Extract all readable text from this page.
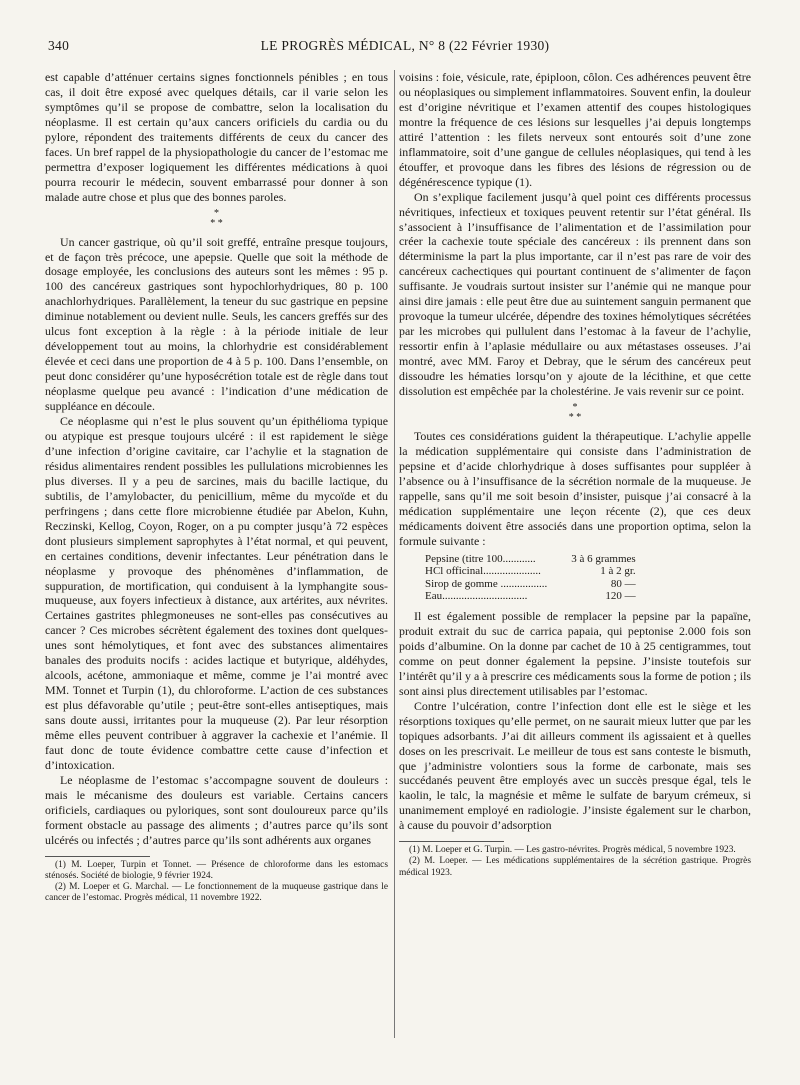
340	LE PROGRÈS MÉDICAL, N° 8 (22 Février 1930)

est capable d’atténuer certains signes fonctionnels pénibles ; en tous cas, il doit être exposé avec quelques détails, car il varie selon les symptômes qu’il se propose de combattre, selon la localisation du néoplasme. Il est certain qu’aux cancers orificiels du cardia ou du pylore, répondent des traitements différents de ceux du cancer des faces. Un bref rappel de la physiopathologie du cancer de l’estomac me permettra d’exposer logiquement les différentes médications à quoi pourra recourir le médecin, souvent embarrassé pour donner à son malade autre chose et plus que des bonnes paroles.

*
* *

Un cancer gastrique, où qu’il soit greffé, entraîne presque toujours, et de façon très précoce, une apepsie. Quelle que soit la méthode de dosage employée, les conclusions des auteurs sont les mêmes : 95 p. 100 des cancéreux gastriques sont hypochlorhydriques, 80 p. 100 anachlorhydriques. Parallèlement, la teneur du suc gastrique en pepsine diminue notablement ou devient nulle. Seuls, les cancers greffés sur des ulcus font exception à la règle : à la période initiale de leur développement tout au moins, la chlorhydrie est considérablement élevée et ceci dans une proportion de 4 à 5 p. 100. Dans l’ensemble, on peut donc considérer qu’une hyposécrétion totale est de règle dans tout néoplasme quelque peu avancé : l’indication d’une médication de suppléance en découle.

Ce néoplasme qui n’est le plus souvent qu’un épithélioma typique ou atypique est presque toujours ulcéré : il est rapidement le siège d’une infection d’origine cavitaire, car l’achylie et la stagnation de résidus alimentaires rendent possibles les pullulations microbiennes les plus diverses. Il y a peu de sarcines, mais du bacille lactique, du subtilis, de l’amylobacter, du penicillium, même du mycoïde et du perfringens ; dans cette flore microbienne étudiée par Abelon, Kuhn, Reczinski, Kellog, Coyon, Roger, on a pu compter jusqu’à 72 espèces dont plusieurs simplement saprophytes à l’état normal, et qui peuvent, en certaines conditions, devenir infectantes. Leur pénétration dans le néoplasme y provoque des phénomènes d’inflammation, de suppuration, de mortification, qui conduisent à la lymphangite sous-muqueuse, aux foyers infectieux à distance, aux artérites, aux névrites. Certaines gastrites phlegmoneuses ne sont-elles pas consécutives au cancer ? Ces microbes sécrètent également des toxines dont quelques-unes sont hémolytiques, et font avec des substances alimentaires banales des produits nocifs : acides lactique et butyrique, aldéhydes, alcools, acétone, ammoniaque et même, comme je l’ai montré avec MM. Tonnet et Turpin (1), du chloroforme. L’action de ces substances est plus défavorable qu’utile ; peut-être sont-elles antiseptiques, mais sans doute aussi, irritantes pour la muqueuse (2). Par leur résorption même elles peuvent contribuer à aggraver la cachexie et l’anémie. Il faut donc de toute évidence combattre cette cause d’infection et d’intoxication.

Le néoplasme de l’estomac s’accompagne souvent de douleurs : mais le mécanisme des douleurs est variable. Certains cancers orificiels, cardiaques ou pyloriques, sont sont douloureux parce qu’ils forment obstacle au passage des aliments ; d’autres parce qu’ils sont ulcérés ou infectés ; d’autres parce qu’ils sont adhérents aux organes

(1) M. Loeper, Turpin et Tonnet. — Présence de chloroforme dans les estomacs sténosés. Société de biologie, 9 février 1924.

(2) M. Loeper et G. Marchal. — Le fonctionnement de la muqueuse gastrique dans le cancer de l’estomac. Progrès médical, 11 novembre 1922.

voisins : foie, vésicule, rate, épiploon, côlon. Ces adhérences peuvent être ou néoplasiques ou simplement inflammatoires. Souvent enfin, la douleur est d’origine névritique et l’examen attentif des coupes histologiques montre la fréquence de ces lésions sur lesquelles j’ai depuis longtemps attiré l’attention : les filets nerveux sont entourés soit d’une zone inflammatoire, soit d’une gangue de cellules néoplasiques, qui tend à les étouffer, et provoque dans les fibres des lésions de régression ou de dégénérescence typique (1).

On s’explique facilement jusqu’à quel point ces différents processus névritiques, infectieux et toxiques peuvent retentir sur l’état général. Ils s’associent à l’insuffisance de l’alimentation et de l’assimilation pour créer la cachexie toute spéciale des cancéreux : ils prennent dans son déterminisme la part la plus importante, car il n’est pas rare de voir des cancéreux cachectiques qui pourtant continuent de s’alimenter de façon suffisante. Je voudrais surtout insister sur l’anémie qui ne manque pour ainsi dire jamais : elle peut être due au suintement sanguin permanent que provoque la tumeur ulcérée, dépendre des toxines hémolytiques sécrétées par les microbes qui pullulent dans l’estomac à la faveur de l’achylie, ressortir enfin à l’aplasie médullaire ou aux métastases osseuses. J’ai montré, avec MM. Faroy et Debray, que le sérum des cancéreux peut dissoudre les hématies lorsqu’on y ajoute de la lécithine, et que cette dissolution est empêchée par la cholestérine. Je vais revenir sur ce point.

*
* *

Toutes ces considérations guident la thérapeutique. L’achylie appelle la médication supplémentaire qui consiste dans l’administration de pepsine et d’acide chlorhydrique à doses suffisantes pour suppléer à l’absence ou à l’insuffisance de la sécrétion normale de la muqueuse. Je rappelle, sans qu’il me soit besoin d’insister, puisque j’ai consacré à la médication supplémentaire une leçon récente (2), que ces deux médicaments doivent être associés dans une proportion optima, selon la formule suivante :

Pepsine (titre 100............	3 à 6 grammes
HCl officinal.....................	1 à 2 gr.
Sirop de gomme .................	80 —
Eau...............................	120 —

Il est également possible de remplacer la pepsine par la papaïne, produit extrait du suc de carrica papaia, qui peptonise 2.000 fois son poids d’albumine. On la donne par cachet de 10 à 25 centigrammes, tout comme on peut donner également la pepsine. J’insiste toutefois sur l’intérêt qu’il y a à prescrire ces médicaments sous la forme de potion ; ils sont ainsi plus directement utilisables par l’estomac.

Contre l’ulcération, contre l’infection dont elle est le siège et les résorptions toxiques qu’elle permet, on ne saurait mieux lutter que par les topiques adsorbants. J’ai dit ailleurs comment ils agissaient et à quelles doses on les prescrivait. Le meilleur de tous est sans conteste le bismuth, que j’administre volontiers sous la forme de carbonate, mais ses succédanés peuvent être employés avec un succès presque égal, tels le kaolin, le talc, la magnésie et même le sulfate de baryum crémeux, si unanimement employé en radiologie. J’insiste également sur le charbon, à cause du pouvoir d’adsorption

(1) M. Loeper et G. Turpin. — Les gastro-névrites. Progrès médical, 5 novembre 1923.

(2) M. Loeper. — Les médications supplémentaires de la sécrétion gastrique. Progrès médical 1923.
